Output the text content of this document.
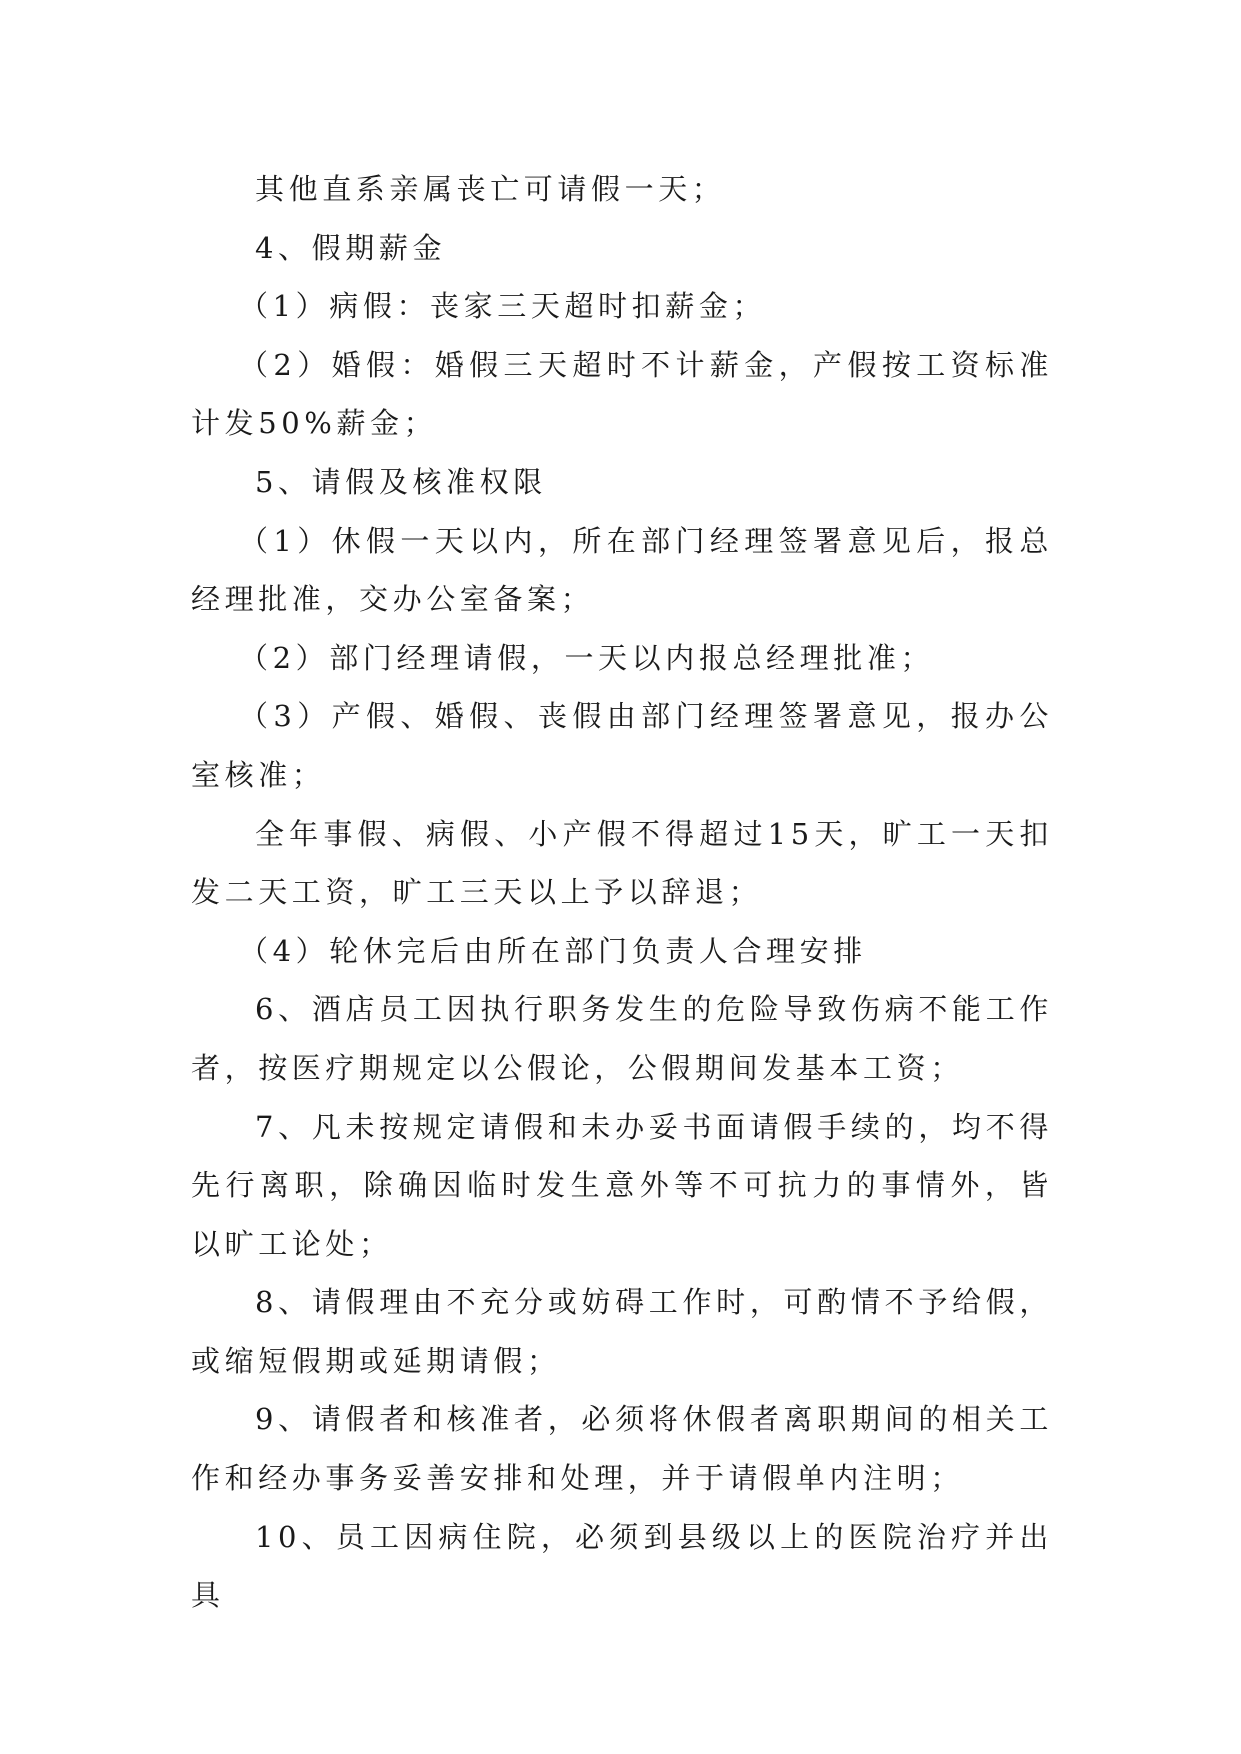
其他直系亲属丧亡可请假一天；

4、假期薪金

（1）病假：丧家三天超时扣薪金；

（2）婚假：婚假三天超时不计薪金，产假按工资标准计发50%薪金；

5、请假及核准权限

（1）休假一天以内，所在部门经理签署意见后，报总经理批准，交办公室备案；

（2）部门经理请假，一天以内报总经理批准；

（3）产假、婚假、丧假由部门经理签署意见，报办公室核准；

全年事假、病假、小产假不得超过15天，旷工一天扣发二天工资，旷工三天以上予以辞退；

（4）轮休完后由所在部门负责人合理安排

6、酒店员工因执行职务发生的危险导致伤病不能工作者，按医疗期规定以公假论，公假期间发基本工资；

7、凡未按规定请假和未办妥书面请假手续的，均不得先行离职，除确因临时发生意外等不可抗力的事情外，皆以旷工论处；

8、请假理由不充分或妨碍工作时，可酌情不予给假，或缩短假期或延期请假；

9、请假者和核准者，必须将休假者离职期间的相关工作和经办事务妥善安排和处理，并于请假单内注明；

10、员工因病住院，必须到县级以上的医院治疗并出具
